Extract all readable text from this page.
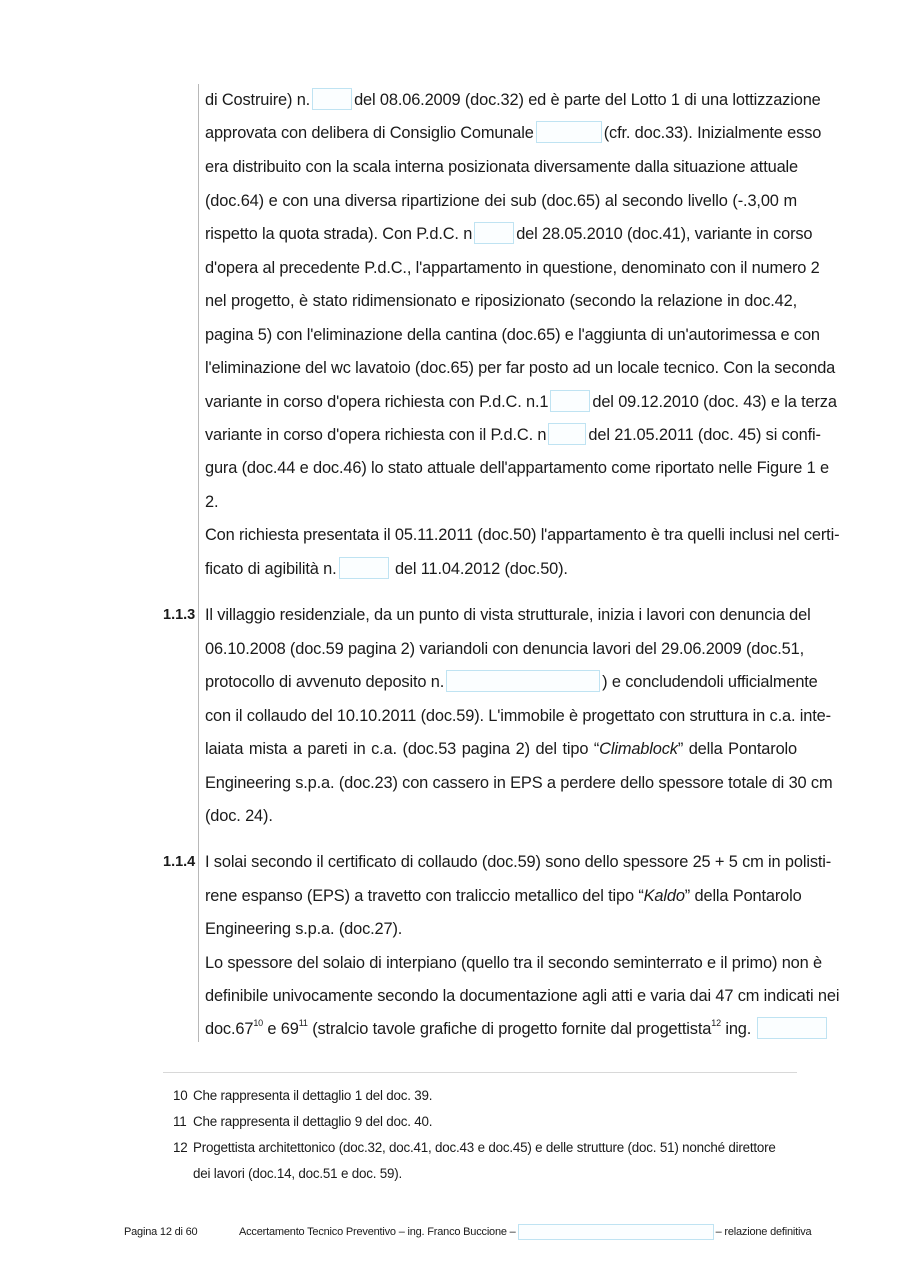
di Costruire) n.	del 08.06.2009 (doc.32) ed è parte del Lotto 1 di una lottizzazione
approvata con delibera di Consiglio Comunale	(cfr. doc.33). Inizialmente esso
era distribuito con la scala interna posizionata diversamente dalla situazione attuale
(doc.64) e con una diversa ripartizione dei sub (doc.65) al secondo livello (-.3,00 m
rispetto la quota strada). Con P.d.C. n	del 28.05.2010 (doc.41), variante in corso
d'opera al precedente P.d.C., l'appartamento in questione, denominato con il numero 2
nel progetto, è stato ridimensionato e riposizionato (secondo la relazione in doc.42,
pagina 5) con l'eliminazione della cantina (doc.65) e l'aggiunta di un'autorimessa e con
l'eliminazione del wc lavatoio (doc.65) per far posto ad un locale tecnico. Con la seconda
variante in corso d'opera richiesta con P.d.C. n.1	del 09.12.2010 (doc. 43) e la terza
variante in corso d'opera richiesta con il P.d.C. n	del 21.05.2011 (doc. 45) si confi-
gura (doc.44 e doc.46) lo stato attuale dell'appartamento come riportato nelle Figure 1 e
2.
Con richiesta presentata il 05.11.2011 (doc.50) l'appartamento è tra quelli inclusi nel certi-
ficato di agibilità n.	del 11.04.2012 (doc.50).
1.1.3 Il villaggio residenziale, da un punto di vista strutturale, inizia i lavori con denuncia del
06.10.2008 (doc.59 pagina 2) variandoli con denuncia lavori del 29.06.2009 (doc.51,
protocollo di avvenuto deposito n.	) e concludendoli ufficialmente
con il collaudo del 10.10.2011 (doc.59). L'immobile è progettato con struttura in c.a. inte-
laiata mista a pareti in c.a. (doc.53 pagina 2) del tipo “Climablock” della Pontarolo
Engineering s.p.a. (doc.23) con cassero in EPS a perdere dello spessore totale di 30 cm
(doc. 24).
1.1.4 I solai secondo il certificato di collaudo (doc.59) sono dello spessore 25 + 5 cm in polisti-
rene espanso (EPS) a travetto con traliccio metallico del tipo “Kaldo” della Pontarolo
Engineering s.p.a. (doc.27).
Lo spessore del solaio di interpiano (quello tra il secondo seminterrato e il primo) non è
definibile univocamente secondo la documentazione agli atti e varia dai 47 cm indicati nei
$doc.67^{10}$ e $69^{11}$ (stralcio tavole grafiche di progetto fornite dal progettista$^{12}$ ing.
10 Che rappresenta il dettaglio 1 del doc. 39.
11 Che rappresenta il dettaglio 9 del doc. 40.
12 Progettista architettonico (doc.32, doc.41, doc.43 e doc.45) e delle strutture (doc. 51) nonché direttore
dei lavori (doc.14, doc.51 e doc. 59).
Pagina 12 di 60	Accertamento Tecnico Preventivo – ing. Franco Buccione –	– relazione definitiva
